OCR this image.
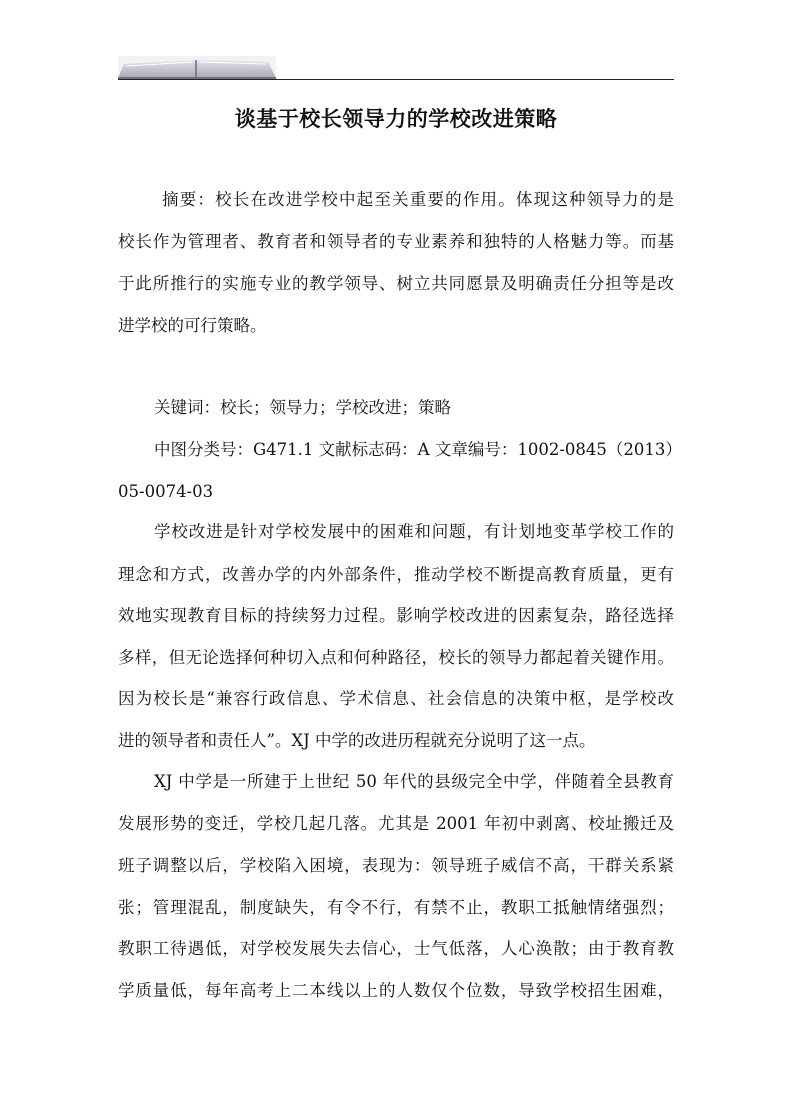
谈基于校长领导力的学校改进策略
摘要：校长在改进学校中起至关重要的作用。体现这种领导力的是
校长作为管理者、教育者和领导者的专业素养和独特的人格魅力等。而基
于此所推行的实施专业的教学领导、树立共同愿景及明确责任分担等是改
进学校的可行策略。
关键词：校长；领导力；学校改进；策略
中图分类号：G471.1 文献标志码：A 文章编号：1002-0845（2013）
05-0074-03
学校改进是针对学校发展中的困难和问题，有计划地变革学校工作的
理念和方式，改善办学的内外部条件，推动学校不断提高教育质量，更有
效地实现教育目标的持续努力过程。影响学校改进的因素复杂，路径选择
多样，但无论选择何种切入点和何种路径，校长的领导力都起着关键作用。
因为校长是“兼容行政信息、学术信息、社会信息的决策中枢，是学校改
进的领导者和责任人”。XJ 中学的改进历程就充分说明了这一点。
XJ 中学是一所建于上世纪 50 年代的县级完全中学，伴随着全县教育
发展形势的变迁，学校几起几落。尤其是 2001 年初中剥离、校址搬迁及
班子调整以后，学校陷入困境，表现为：领导班子威信不高，干群关系紧
张；管理混乱，制度缺失，有令不行，有禁不止，教职工抵触情绪强烈；
教职工待遇低，对学校发展失去信心，士气低落，人心涣散；由于教育教
学质量低，每年高考上二本线以上的人数仅个位数，导致学校招生困难，
